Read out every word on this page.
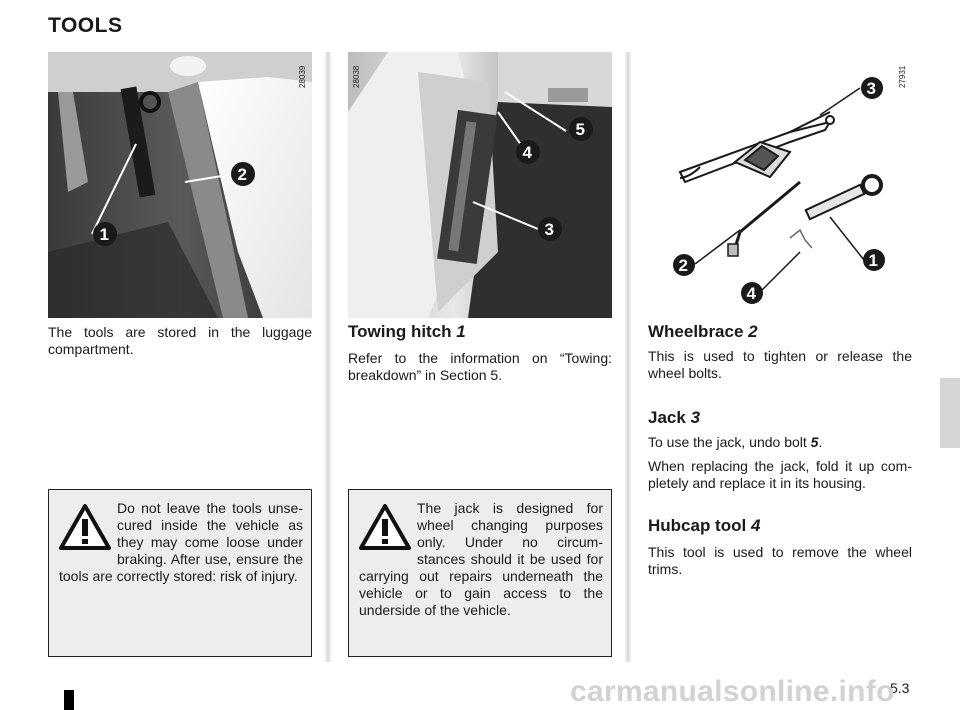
TOOLS
1
2
28039
3
4
5
28038
3
2	1
4
27931
The tools are stored in the luggage compartment.
Do not leave the tools unse-cured inside the vehicle as they may come loose under braking. After use, ensure the tools are correctly stored: risk of injury.
Towing hitch 1
Refer to the information on “Towing: breakdown” in Section 5.
The jack is designed for wheel changing purposes only. Under no circum-stances should it be used for carrying out repairs underneath the vehicle or to gain access to the underside of the vehicle.
Wheelbrace 2
This is used to tighten or release the wheel bolts.
Jack 3
To use the jack, undo bolt 5.
When replacing the jack, fold it up com-pletely and replace it in its housing.
Hubcap tool 4
This tool is used to remove the wheel trims.
5.3
carmanualsonline.info
